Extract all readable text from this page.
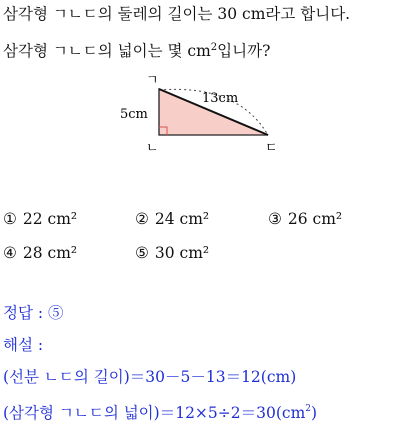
삼각형 ㄱㄴㄷ의 둘레의 길이는 30 cm라고 합니다.
삼각형 ㄱㄴㄷ의 넓이는 몇 $cm^2$입니까?
ㄱ
ㄴ	ㄷ
5cm
13cm
① 22 cm²	② 24 cm²	③ 26 cm²
④ 28 cm²	⑤ 30 cm²
정답 : ⑤
해설 :
(선분 ㄴㄷ의 길이)＝30－5－13＝12(cm)
(삼각형 ㄱㄴㄷ의 넓이)$=12\times 5\div 2=30(cm^2)$
